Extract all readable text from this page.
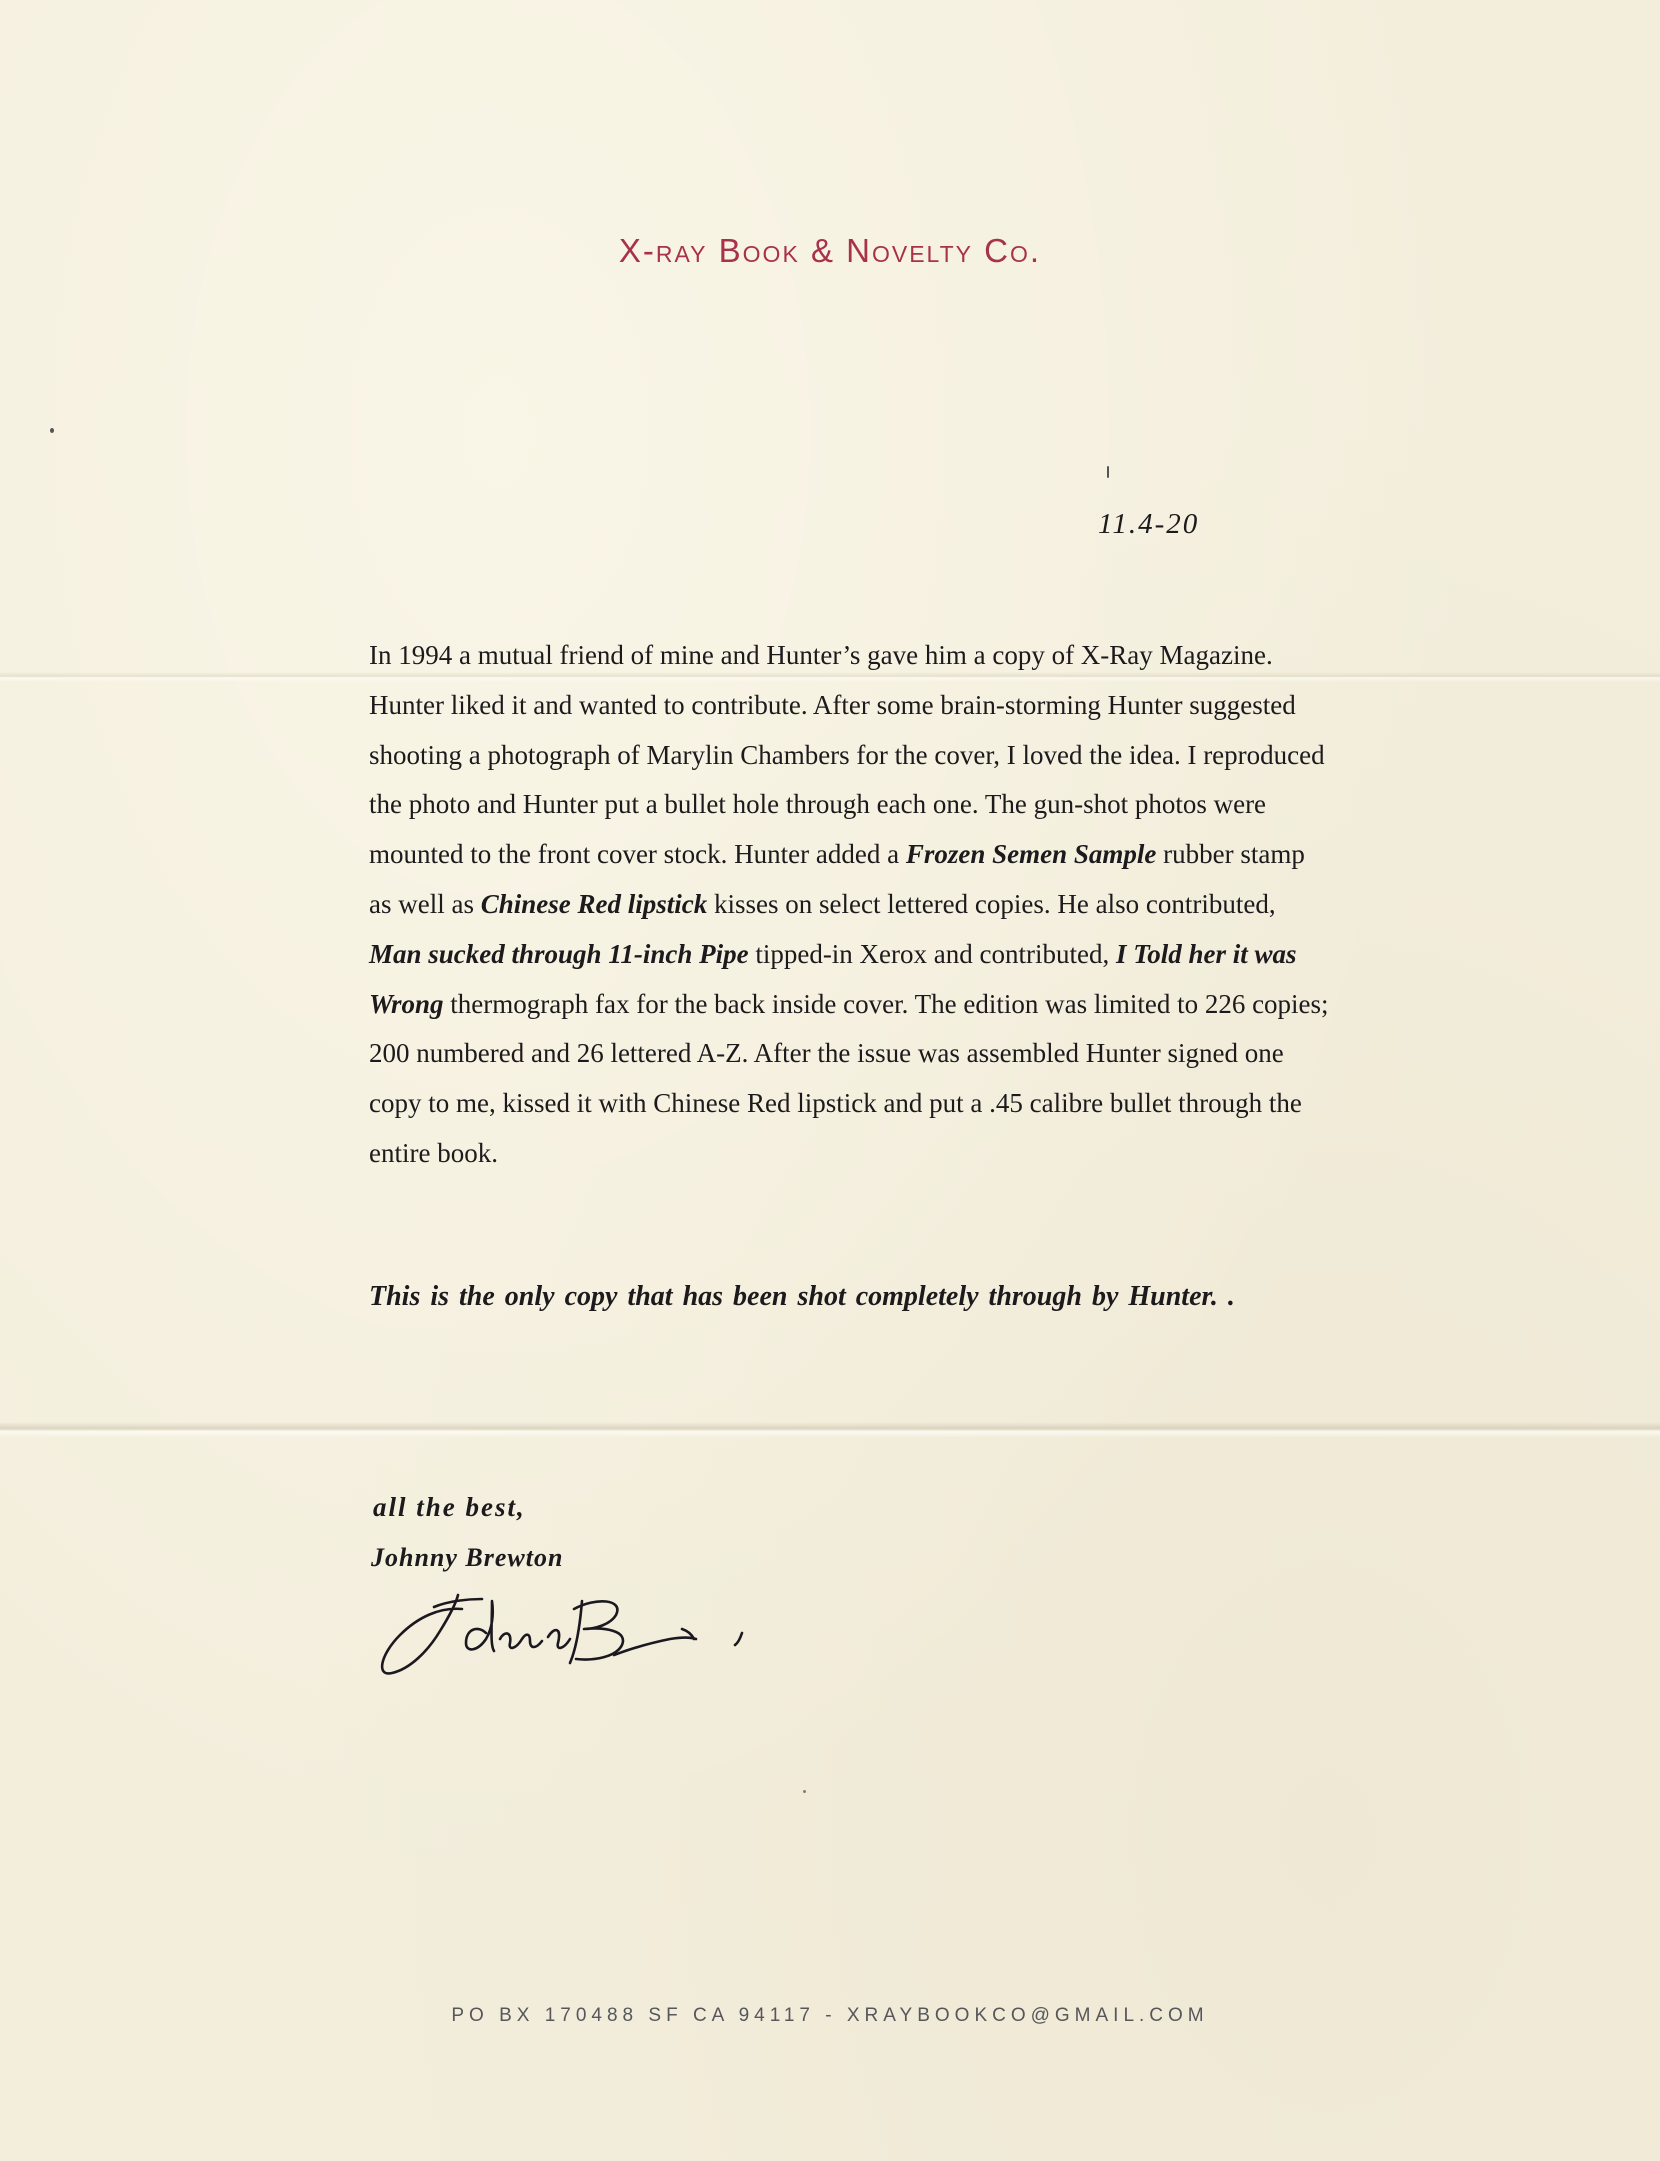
X-ray Book & Novelty Co.
11.4-20
In 1994 a mutual friend of mine and Hunter’s gave him a copy of X-Ray Magazine. Hunter liked it and wanted to contribute. After some brain-storming Hunter suggested shooting a photograph of Marylin Chambers for the cover, I loved the idea. I reproduced the photo and Hunter put a bullet hole through each one. The gun-shot photos were mounted to the front cover stock. Hunter added a Frozen Semen Sample rubber stamp as well as Chinese Red lipstick kisses on select lettered copies. He also contributed, Man sucked through 11-inch Pipe tipped-in Xerox and contributed, I Told her it was Wrong thermograph fax for the back inside cover. The edition was limited to 226 copies; 200 numbered and 26 lettered A-Z. After the issue was assembled Hunter signed one copy to me, kissed it with Chinese Red lipstick and put a .45 calibre bullet through the entire book.
This is the only copy that has been shot completely through by Hunter. .
all the best,
Johnny Brewton
PO BX 170488 SF CA 94117 - XRAYBOOKCO@GMAIL.COM
